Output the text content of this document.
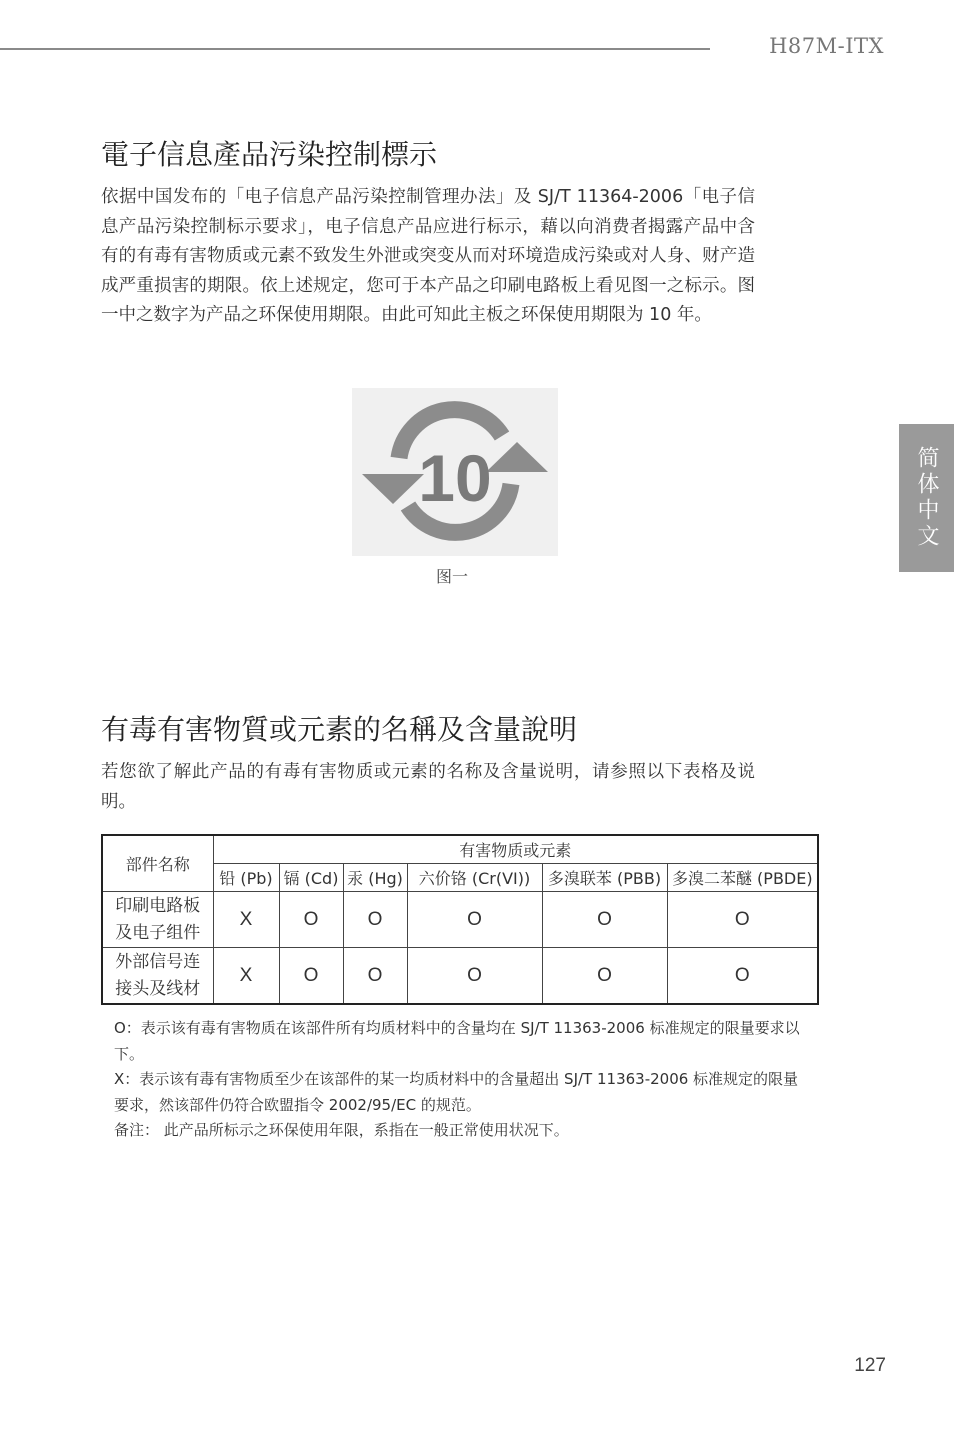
H87M-ITX
简体中文
電子信息產品污染控制標示

依据中国发布的「电子信息产品污染控制管理办法」及 SJ/T 11364-2006「电子信息产品污染控制标示要求」，电子信息产品应进行标示，藉以向消费者揭露产品中含有的有毒有害物质或元素不致发生外泄或突变从而对环境造成污染或对人身、财产造成严重损害的期限。依上述规定，您可于本产品之印刷电路板上看见图一之标示。图一中之数字为产品之环保使用期限。由此可知此主板之环保使用期限为 10 年。

10
图一
有毒有害物質或元素的名稱及含量說明

若您欲了解此产品的有毒有害物质或元素的名称及含量说明，请参照以下表格及说明。

部件名称	有害物质或元素					
	铅 (Pb)	镉 (Cd)	汞 (Hg)	六价铬 (Cr(VI))	多溴联苯 (PBB)	多溴二苯醚 (PBDE)

印刷电路板
及电子组件	X	O	O	O	O	O

外部信号连
接头及线材	X	O	O	O	O	O

O：表示该有毒有害物质在该部件所有均质材料中的含量均在 SJ/T 11363-2006 标准规定的限量要求以下。

X：表示该有毒有害物质至少在该部件的某一均质材料中的含量超出 SJ/T 11363-2006 标准规定的限量要求，然该部件仍符合欧盟指令 2002/95/EC 的规范。

备注： 此产品所标示之环保使用年限，系指在一般正常使用状况下。

127
